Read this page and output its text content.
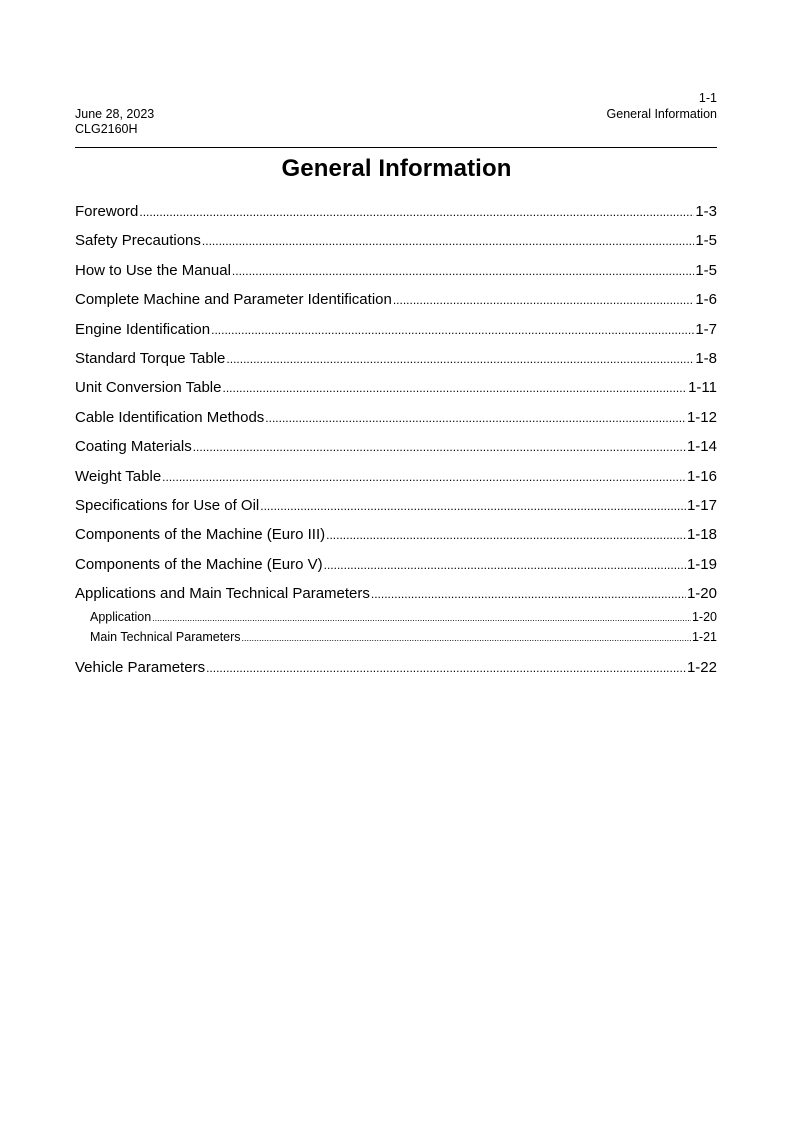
June 28, 2023
CLG2160H
1-1
General Information
General Information
Foreword .....	1-3
Safety Precautions .....	1-5
How to Use the Manual .....	1-5
Complete Machine and Parameter Identification .....	1-6
Engine Identification .....	1-7
Standard Torque Table .....	1-8
Unit Conversion Table .....	1-11
Cable Identification Methods .....	1-12
Coating Materials .....	1-14
Weight Table .....	1-16
Specifications for Use of Oil .....	1-17
Components of the Machine (Euro III) .....	1-18
Components of the Machine (Euro V) .....	1-19
Applications and Main Technical Parameters .....	1-20
Application .....	1-20
Main Technical Parameters .....	1-21
Vehicle Parameters .....	1-22
